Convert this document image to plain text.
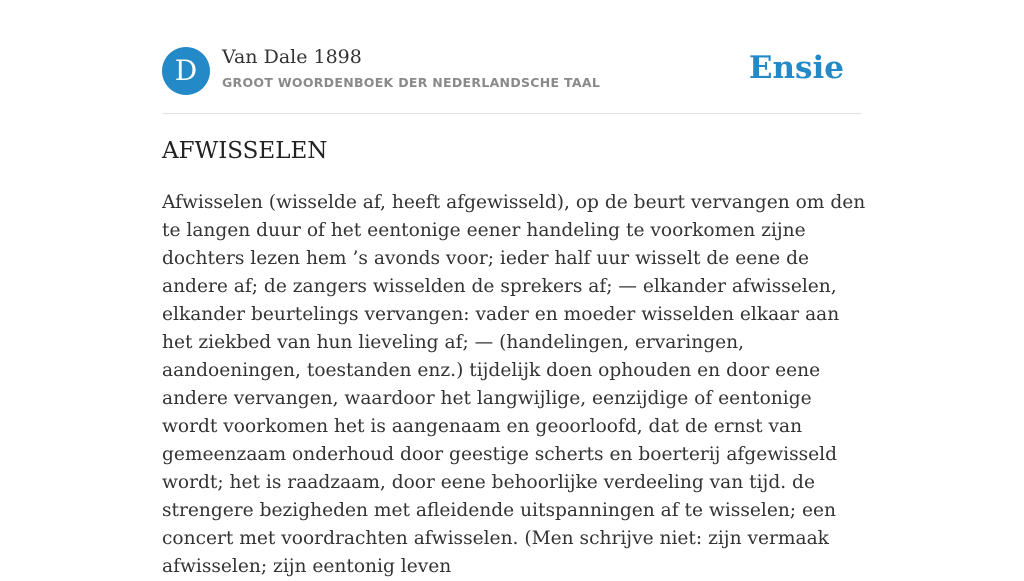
D	Van Dale 1898
GROOT WOORDENBOEK DER NEDERLANDSCHE TAAL	Ensie
AFWISSELEN

Afwisselen (wisselde af, heeft afgewisseld), op de beurt vervangen om den te langen duur of het eentonige eener handeling te voorkomen zijne dochters lezen hem ’s avonds voor; ieder half uur wisselt de eene de andere af; de zangers wisselden de sprekers af; — elkander afwisselen, elkander beurtelings vervangen: vader en moeder wisselden elkaar aan het ziekbed van hun lieveling af; — (handelingen, ervaringen, aandoeningen, toestanden enz.) tijdelijk doen ophouden en door eene andere vervangen, waardoor het langwijlige, eenzijdige of eentonige wordt voorkomen het is aangenaam en geoorloofd, dat de ernst van gemeenzaam onderhoud door geestige scherts en boerterij afgewisseld wordt; het is raadzaam, door eene behoorlijke verdeeling van tijd. de strengere bezigheden met afleidende uitspanningen af te wisselen; een concert met voordrachten afwisselen. (Men schrijve niet: zijn vermaak afwisselen; zijn eentonig leven
